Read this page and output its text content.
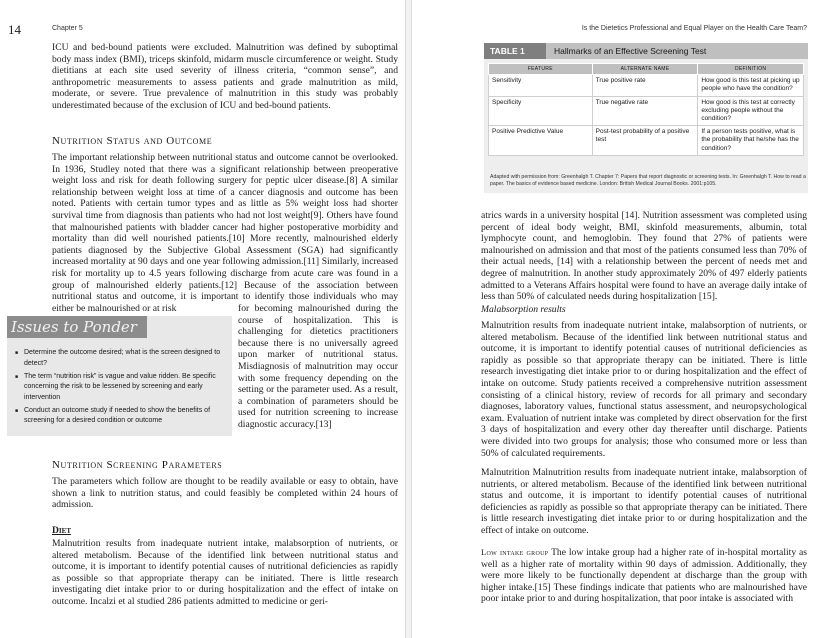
14	Chapter 5

ICU and bed-bound patients were excluded. Malnutrition was defined by suboptimal body mass index (BMI), triceps skinfold, midarm muscle circumference or weight. Study dietitians at each site used severity of illness criteria, “common sense”, and anthropometric measurements to assess patients and grade malnutrition as mild, moderate, or severe. True prevalence of malnutrition in this study was probably underestimated because of the exclusion of ICU and bed-bound patients.

Nutrition Status and Outcome

The important relationship between nutritional status and outcome cannot be overlooked. In 1936, Studley noted that there was a significant relationship between preoperative weight loss and risk for death following surgery for peptic ulcer disease.[8] A similar relationship between weight loss at time of a cancer diagnosis and outcome has been noted. Patients with certain tumor types and as little as 5% weight loss had shorter survival time from diagnosis than patients who had not lost weight[9]. Others have found that malnourished patients with bladder cancer had higher postoperative morbidity and mortality than did well nourished patients.[10] More recently, malnourished elderly patients diagnosed by the Subjective Global Assessment (SGA) had significantly increased mortality at 90 days and one year following admission.[11] Similarly, increased risk for mortality up to 4.5 years following discharge from acute care was found in a group of malnourished elderly patients.[12] Because of the association between nutritional status and outcome, it is important to identify those individuals who may either be malnourished or at risk

Issues to Ponder
■ Determine the outcome desired; what is the screen designed to detect?
■ The term “nutrition risk” is vague and value ridden. Be specific concerning the risk to be lessened by screening and early intervention
■ Conduct an outcome study if needed to show the benefits of screening for a desired condition or outcome

for becoming malnourished during the course of hospitalization. This is challenging for dietetics practitioners because there is no universally agreed upon marker of nutritional status. Misdiagnosis of malnutrition may occur with some frequency depending on the setting or the parameter used. As a result, a combination of parameters should be used for nutrition screening to increase diagnostic accuracy.[13]

Nutrition Screening Parameters

The parameters which follow are thought to be readily available or easy to obtain, have shown a link to nutrition status, and could feasibly be completed within 24 hours of admission.

Diet

Malnutrition results from inadequate nutrient intake, malabsorption of nutrients, or altered metabolism. Because of the identified link between nutritional status and outcome, it is important to identify potential causes of nutritional deficiencies as rapidly as possible so that appropriate therapy can be initiated. There is little research investigating diet intake prior to or during hospitalization and the effect of intake on outcome. Incalzi et al studied 286 patients admitted to medicine or geri-

Is the Dietetics Professional and Equal Player on the Health Care Team?
TABLE 1	Hallmarks of an Effective Screening Test
FEATURE	ALTERNATE NAME	DEFINITION
Sensitivity	True positive rate	How good is this test at picking up people who have the condition?
Specificity	True negative rate	How good is this test at correctly excluding people without the condition?
Positive Predictive Value	Post-test probability of a positive test	If a person tests positive, what is the probability that he/she has the condition?
Adapted with permission from: Greenhalgh T. Chapter 7: Papers that report diagnostic or screening tests. In: Greenhalgh T. How to read a paper. The basics of evidence based medicine. London: British Medical Journal Books. 2001:p105.

atrics wards in a university hospital [14]. Nutrition assessment was completed using percent of ideal body weight, BMI, skinfold measurements, albumin, total lymphocyte count, and hemoglobin. They found that 27% of patients were malnourished on admission and that most of the patients consumed less than 70% of their actual needs, [14] with a relationship between the percent of needs met and degree of malnutrition. In another study approximately 20% of 497 elderly patients admitted to a Veterans Affairs hospital were found to have an average daily intake of less than 50% of calculated needs during hospitalization [15].

Malabsorption results

Malnutrition results from inadequate nutrient intake, malabsorption of nutrients, or altered metabolism. Because of the identified link between nutritional status and outcome, it is important to identify potential causes of nutritional deficiencies as rapidly as possible so that appropriate therapy can be initiated. There is little research investigating diet intake prior to or during hospitalization and the effect of intake on outcome. Study patients received a comprehensive nutrition assessment consisting of a clinical history, review of records for all primary and secondary diagnoses, laboratory values, functional status assessment, and neuropsychological exam. Evaluation of nutrient intake was completed by direct observation for the first 3 days of hospitalization and every other day thereafter until discharge. Patients were divided into two groups for analysis; those who consumed more or less than 50% of calculated requirements.

Malnutrition Malnutrition results from inadequate nutrient intake, malabsorption of nutrients, or altered metabolism. Because of the identified link between nutritional status and outcome, it is important to identify potential causes of nutritional deficiencies as rapidly as possible so that appropriate therapy can be initiated. There is little research investigating diet intake prior to or during hospitalization and the effect of intake on outcome.

Low intake group The low intake group had a higher rate of in-hospital mortality as well as a higher rate of mortality within 90 days of admission. Additionally, they were more likely to be functionally dependent at discharge than the group with higher intake.[15] These findings indicate that patients who are malnourished have poor intake prior to and during hospitalization, that poor intake is associated with
